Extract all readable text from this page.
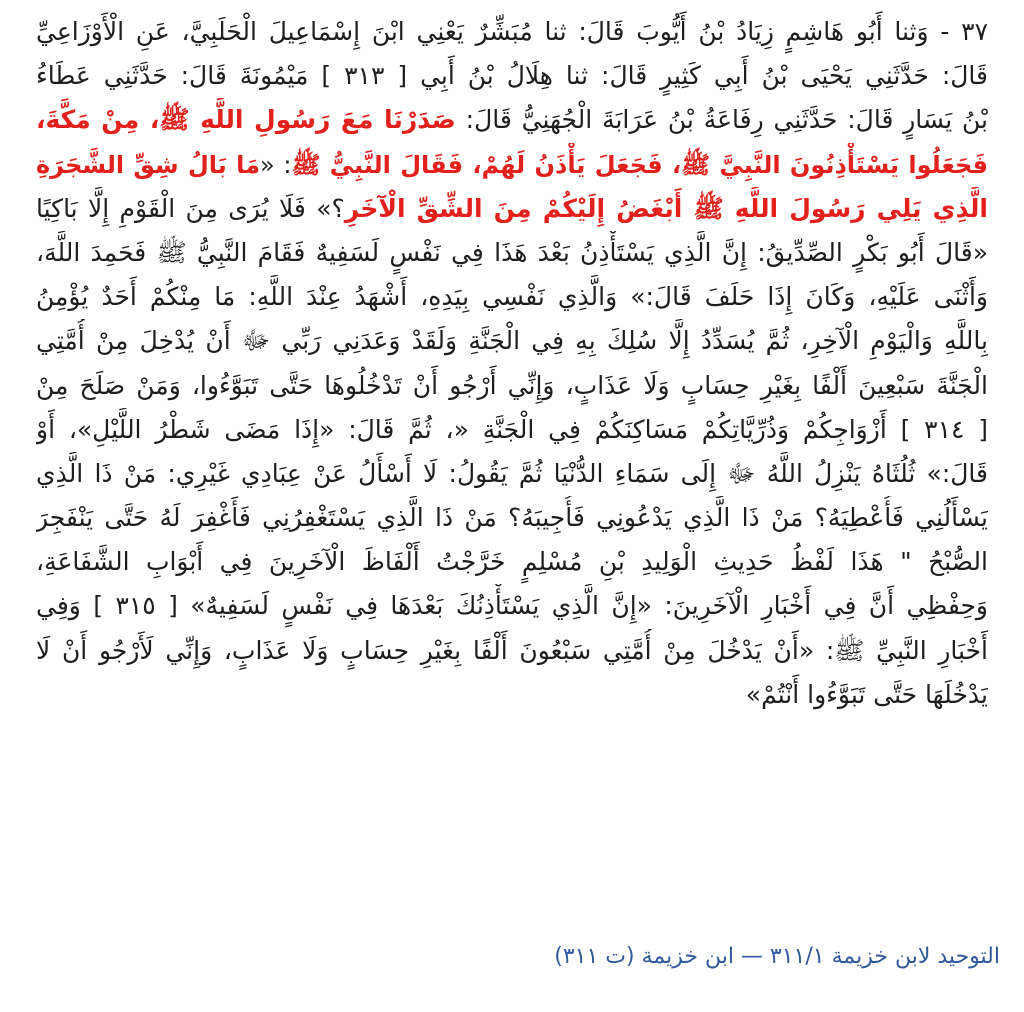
٣٧ - وَثنا أَبُو هَاشِمٍ زِيَادُ بْنُ أَيُّوبَ قَالَ: ثنا مُبَشِّرٌ يَعْنِي ابْنَ إِسْمَاعِيلَ الْحَلَبِيَّ، عَنِ الْأَوْزَاعِيِّ
قَالَ: حَدَّثَنِي يَحْيَى بْنُ أَبِي كَثِيرٍ قَالَ: ثنا هِلَالُ بْنُ أَبِي [ ٣١٣ ] مَيْمُونَةَ قَالَ: حَدَّثَنِي عَطَاءُ
بْنُ يَسَارٍ قَالَ: حَدَّثَنِي رِفَاعَةُ بْنُ عَرَابَةَ الْجُهَنِيُّ قَالَ: صَدَرْنَا مَعَ رَسُولِ اللَّهِ ﷺ، مِنْ مَكَّةَ،
فَجَعَلُوا يَسْتَأْذِنُونَ النَّبِيَّ ﷺ، فَجَعَلَ يَأْذَنُ لَهُمْ، فَقَالَ النَّبِيُّ ﷺ: «مَا بَالُ شِقِّ الشَّجَرَةِ
الَّذِي يَلِي رَسُولَ اللَّهِ ﷺ أَبْغَضُ إِلَيْكُمْ مِنَ الشِّقِّ الْآخَرِ؟» فَلَا يُرَى مِنَ الْقَوْمِ إِلَّا بَاكِيًا
«قَالَ أَبُو بَكْرٍ الصِّدِّيقُ: إِنَّ الَّذِي يَسْتَأْذِنُ بَعْدَ هَذَا فِي نَفْسٍ لَسَفِيهٌ فَقَامَ النَّبِيُّ ﷺ فَحَمِدَ اللَّهَ،
وَأَثْنَى عَلَيْهِ، وَكَانَ إِذَا حَلَفَ قَالَ:» وَالَّذِي نَفْسِي بِيَدِهِ، أَشْهَدُ عِنْدَ اللَّهِ: مَا مِنْكُمْ أَحَدٌ يُؤْمِنُ
بِاللَّهِ وَالْيَوْمِ الْآخِرِ، ثُمَّ يُسَدِّدُ إِلَّا سُلِكَ بِهِ فِي الْجَنَّةِ وَلَقَدْ وَعَدَنِي رَبِّي ﷻ أَنْ يُدْخِلَ مِنْ أُمَّتِي
الْجَنَّةَ سَبْعِينَ أَلْفًا بِغَيْرِ حِسَابٍ وَلَا عَذَابٍ، وَإِنِّي أَرْجُو أَنْ تَدْخُلُوهَا حَتَّى تَبَوَّءُوا، وَمَنْ صَلَحَ مِنْ
[ ٣١٤ ] أَزْوَاجِكُمْ وَذُرِّيَّاتِكُمْ مَسَاكِنَكُمْ فِي الْجَنَّةِ «، ثُمَّ قَالَ: «إِذَا مَضَى شَطْرُ اللَّيْلِ»، أَوْ
قَالَ:» ثُلُثَاهُ يَنْزِلُ اللَّهُ ﷻ إِلَى سَمَاءِ الدُّنْيَا ثُمَّ يَقُولُ: لَا أَسْأَلُ عَنْ عِبَادِي غَيْرِي: مَنْ ذَا الَّذِي
يَسْأَلُنِي فَأُعْطِيَهُ؟ مَنْ ذَا الَّذِي يَدْعُونِي فَأُجِيبَهُ؟ مَنْ ذَا الَّذِي يَسْتَغْفِرُنِي فَأَغْفِرَ لَهُ حَتَّى يَنْفَجِرَ
الصُّبْحُ " هَذَا لَفْظُ حَدِيثِ الْوَلِيدِ بْنِ مُسْلِمٍ خَرَّجْتُ أَلْفَاظَ الْآخَرِينَ فِي أَبْوَابِ الشَّفَاعَةِ،
وَحِفْظِي أَنَّ فِي أَخْبَارِ الْآخَرِينَ: «إِنَّ الَّذِي يَسْتَأْذِنُكَ بَعْدَهَا فِي نَفْسٍ لَسَفِيهٌ» [ ٣١٥ ] وَفِي
أَخْبَارِ النَّبِيِّ ﷺ: «أَنْ يَدْخُلَ مِنْ أُمَّتِي سَبْعُونَ أَلْفًا بِغَيْرِ حِسَابٍ وَلَا عَذَابٍ، وَإِنِّي لَأَرْجُو أَنْ لَا
يَدْخُلَهَا حَتَّى تَبَوَّءُوا أَنْتُمْ»
التوحيد لابن خزيمة ٣١١/١ — ابن خزيمة (ت ٣١١)
